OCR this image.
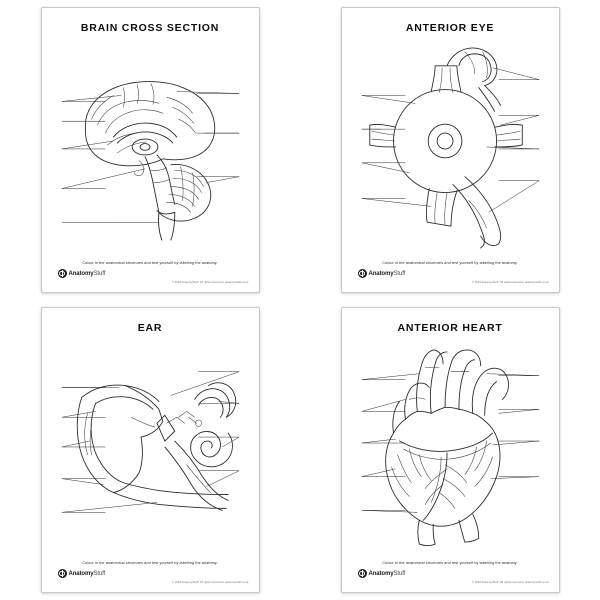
BRAIN CROSS SECTION
Colour in the anatomical structures and test yourself by labelling the anatomy.
AnatomyStuff
© 2022 AnatomyStuff. All rights reserved | anatomystuff.co.uk
ANTERIOR EYE
Colour in the anatomical structures and test yourself by labelling the anatomy.
AnatomyStuff
© 2022 AnatomyStuff. All rights reserved | anatomystuff.co.uk
EAR
Colour in the anatomical structures and test yourself by labelling the anatomy.
AnatomyStuff
© 2022 AnatomyStuff. All rights reserved | anatomystuff.co.uk
ANTERIOR HEART
Colour in the anatomical structures and test yourself by labelling the anatomy.
AnatomyStuff
© 2022 AnatomyStuff. All rights reserved | anatomystuff.co.uk
